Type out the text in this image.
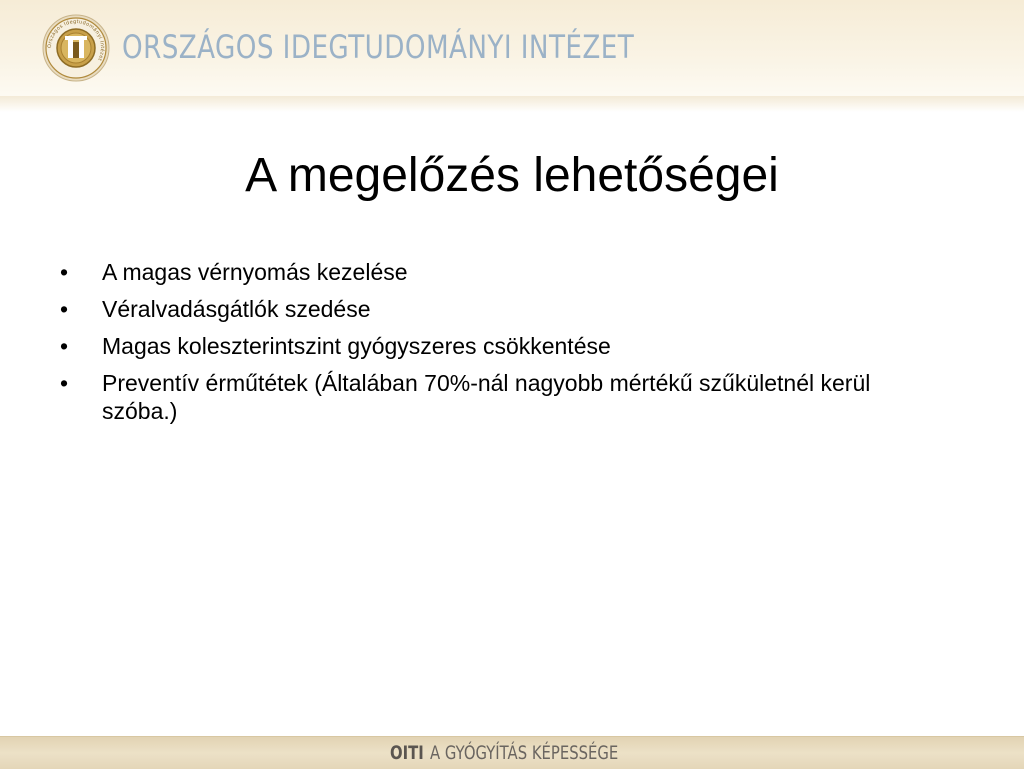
Országos Idegtudományi Intézet ORSZÁGOS IDEGTUDOMÁNYI INTÉZET
A megelőzés lehetőségei
• A magas vérnyomás kezelése
• Véralvadásgátlók szedése
• Magas koleszterintszint gyógyszeres csökkentése
• Preventív érműtétek (Általában 70%-nál nagyobb mértékű szűkületnél kerül szóba.)
OITI A GYÓGYÍTÁS KÉPESSÉGE
